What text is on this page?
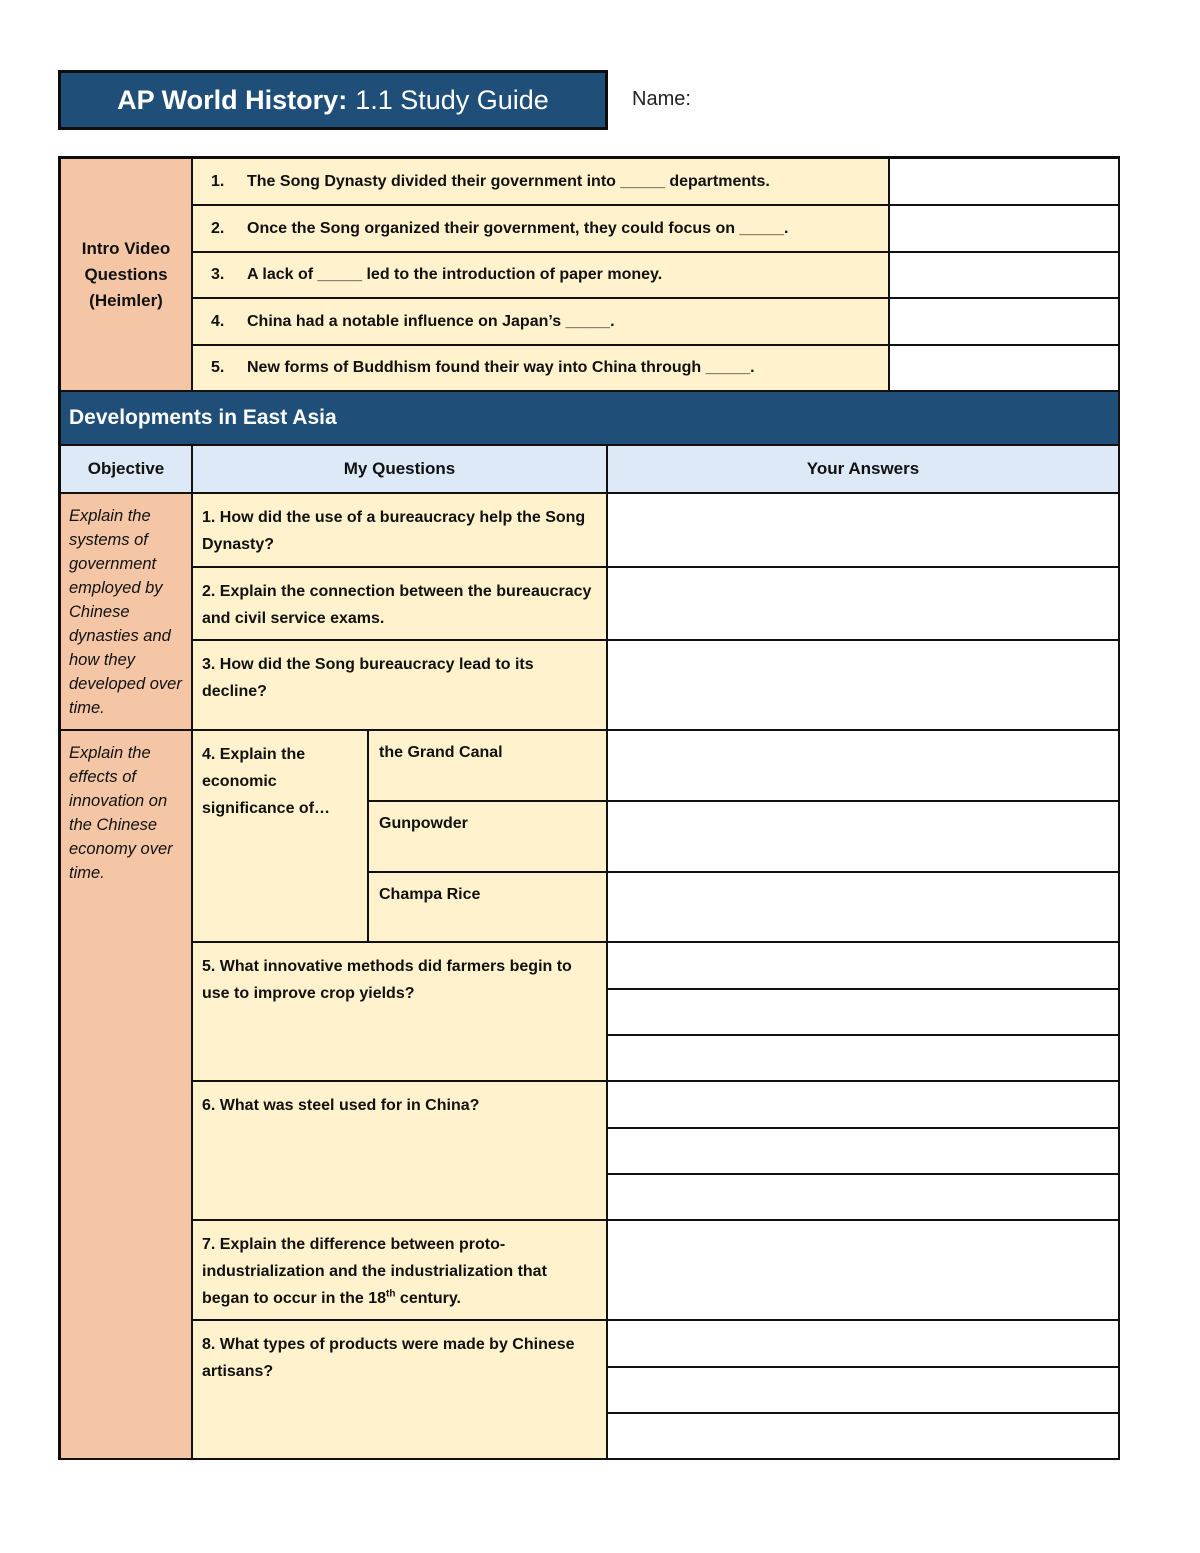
AP World History: 1.1 Study Guide	Name:
Intro Video Questions (Heimler)
1.	The Song Dynasty divided their government into _____ departments.
2.	Once the Song organized their government, they could focus on _____.
3.	A lack of _____ led to the introduction of paper money.
4.	China had a notable influence on Japan’s _____.
5.	New forms of Buddhism found their way into China through _____.
Developments in East Asia
Objective	My Questions	Your Answers
Explain the systems of government employed by Chinese dynasties and how they developed over time.
1. How did the use of a bureaucracy help the Song Dynasty?
2. Explain the connection between the bureaucracy and civil service exams.
3. How did the Song bureaucracy lead to its decline?
Explain the effects of innovation on the Chinese economy over time.
4. Explain the economic significance of…
the Grand Canal
Gunpowder
Champa Rice
5. What innovative methods did farmers begin to use to improve crop yields?
6. What was steel used for in China?
7. Explain the difference between proto-industrialization and the industrialization that began to occur in the 18th century.
8. What types of products were made by Chinese artisans?
